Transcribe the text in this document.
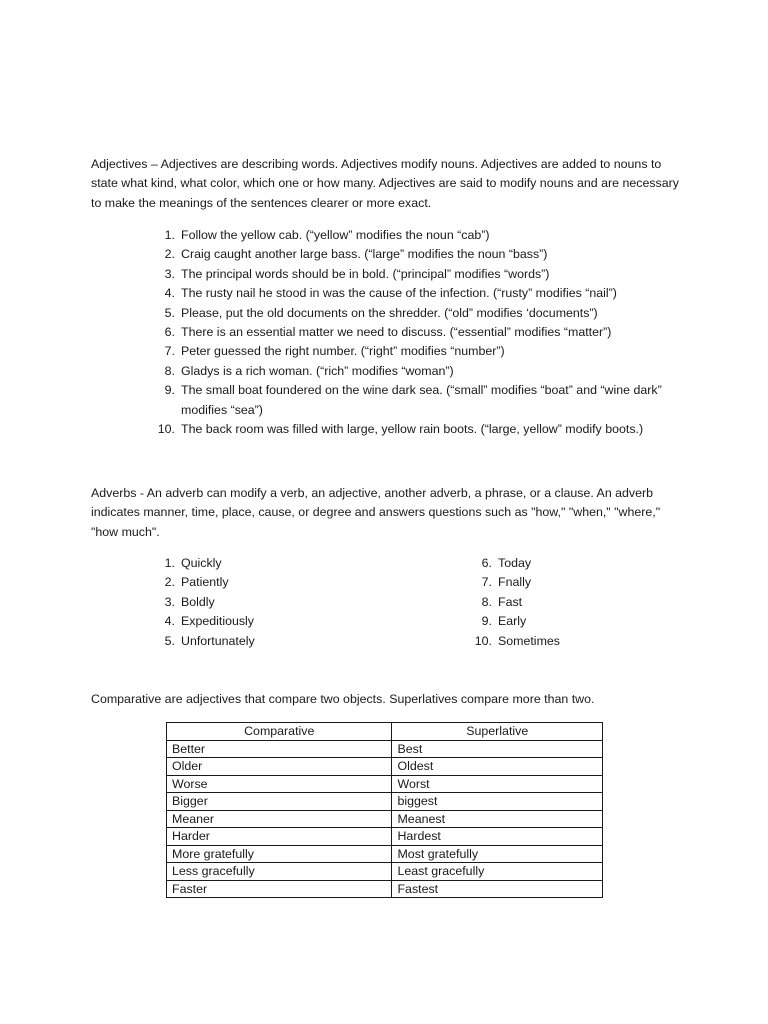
Adjectives – Adjectives are describing words. Adjectives modify nouns. Adjectives are added to nouns to state what kind, what color, which one or how many. Adjectives are said to modify nouns and are necessary to make the meanings of the sentences clearer or more exact.

1. Follow the yellow cab. (“yellow” modifies the noun “cab”)
2. Craig caught another large bass. (“large” modifies the noun “bass”)
3. The principal words should be in bold. (“principal” modifies “words”)
4. The rusty nail he stood in was the cause of the infection. (“rusty” modifies “nail”)
5. Please, put the old documents on the shredder. (“old” modifies ‘documents”)
6. There is an essential matter we need to discuss. (“essential” modifies “matter”)
7. Peter guessed the right number. (“right” modifies “number”)
8. Gladys is a rich woman. (“rich” modifies “woman”)
9. The small boat foundered on the wine dark sea. (“small” modifies “boat” and “wine dark” modifies “sea”)
10. The back room was filled with large, yellow rain boots. (“large, yellow” modify boots.)

Adverbs - An adverb can modify a verb, an adjective, another adverb, a phrase, or a clause. An adverb indicates manner, time, place, cause, or degree and answers questions such as "how," "when," "where," "how much".

1. Quickly
2. Patiently
3. Boldly
4. Expeditiously
5. Unfortunately
6. Today
7. Fnally
8. Fast
9. Early
10. Sometimes

Comparative are adjectives that compare two objects. Superlatives compare more than two.

Comparative	Superlative
Better	Best
Older	Oldest
Worse	Worst
Bigger	biggest
Meaner	Meanest
Harder	Hardest
More gratefully	Most gratefully
Less gracefully	Least gracefully
Faster	Fastest
